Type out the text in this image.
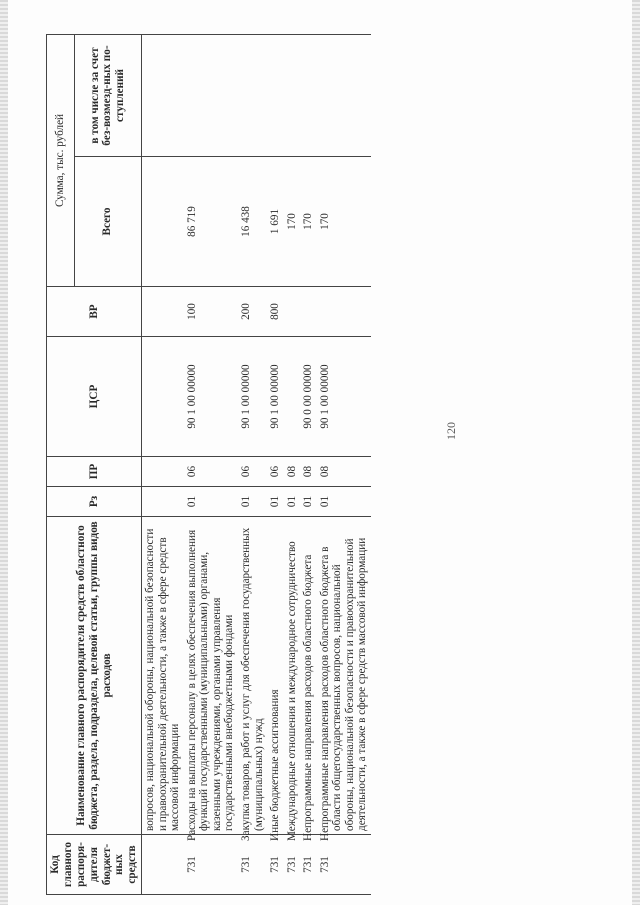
120
Код главного распоря-дителя бюджет-ных средств	Наименование главного распорядителя средств областного бюджета, раздела, подраздела, целевой статьи, группы видов расходов	Рз	ПР	ЦСР	ВР	Сумма, тыс. рублей	
						Всего	в том числе за счет без-возмезд-ных по-ступлений
	вопросов, национальной обороны, национальной безопасности и правоохранительной деятельности, а также в сфере средств массовой информации						
731	Расходы на выплаты персоналу в целях обеспечения выполнения функций государственными (муниципальными) органами, казенными учреждениями, органами управления государственными внебюджетными фондами	01	06	90 1 00 00000	100	86 719	
731	Закупка товаров, работ и услуг для обеспечения государственных (муниципальных) нужд	01	06	90 1 00 00000	200	16 438	
731	Иные бюджетные ассигнования	01	06	90 1 00 00000	800	1 691	
731	Международные отношения и международное сотрудничество	01	08			170	
731	Непрограммные направления расходов областного бюджета	01	08	90 0 00 00000		170	
731	Непрограммные направления расходов областного бюджета в области общегосударственных вопросов, национальной обороны, национальной безопасности и правоохранительной деятельности, а также в сфере средств массовой информации	01	08	90 1 00 00000		170	
